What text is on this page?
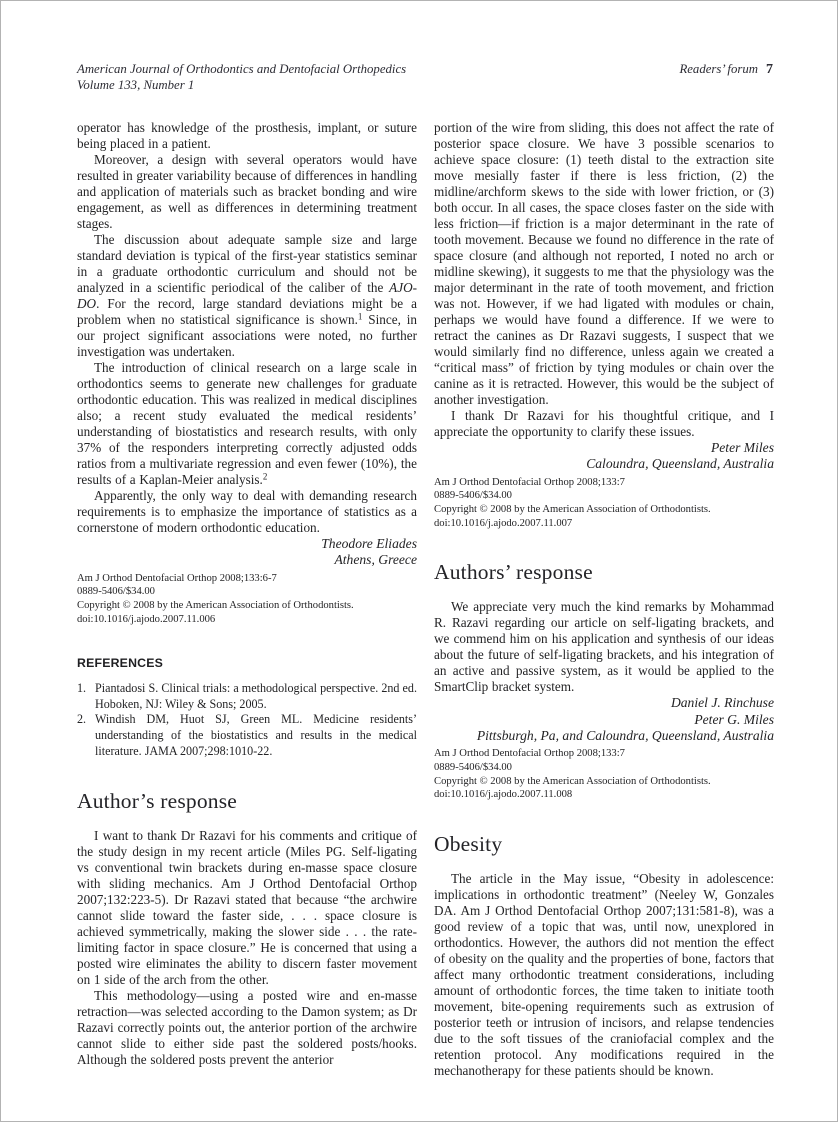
American Journal of Orthodontics and Dentofacial Orthopedics
Volume 133, Number 1
Readers’ forum 7

operator has knowledge of the prosthesis, implant, or suture being placed in a patient.

Moreover, a design with several operators would have resulted in greater variability because of differences in handling and application of materials such as bracket bonding and wire engagement, as well as differences in determining treatment stages.

The discussion about adequate sample size and large standard deviation is typical of the first-year statistics seminar in a graduate orthodontic curriculum and should not be analyzed in a scientific periodical of the caliber of the AJO-DO. For the record, large standard deviations might be a problem when no statistical significance is shown.$^1$ Since, in our project significant associations were noted, no further investigation was undertaken.

The introduction of clinical research on a large scale in orthodontics seems to generate new challenges for graduate orthodontic education. This was realized in medical disciplines also; a recent study evaluated the medical residents’ understanding of biostatistics and research results, with only 37% of the responders interpreting correctly adjusted odds ratios from a multivariate regression and even fewer (10%), the results of a Kaplan-Meier analysis.$^2$

Apparently, the only way to deal with demanding research requirements is to emphasize the importance of statistics as a cornerstone of modern orthodontic education.

Theodore Eliades
Athens, Greece
Am J Orthod Dentofacial Orthop 2008;133:6-7
0889-5406/$34.00
Copyright © 2008 by the American Association of Orthodontists.
doi:10.1016/j.ajodo.2007.11.006
REFERENCES
1. Piantadosi S. Clinical trials: a methodological perspective. 2nd ed. Hoboken, NJ: Wiley & Sons; 2005.
2. Windish DM, Huot SJ, Green ML. Medicine residents’ understanding of the biostatistics and results in the medical literature. JAMA 2007;298:1010-22.
Author’s response

I want to thank Dr Razavi for his comments and critique of the study design in my recent article (Miles PG. Self-ligating vs conventional twin brackets during en-masse space closure with sliding mechanics. Am J Orthod Dentofacial Orthop 2007;132:223-5). Dr Razavi stated that because “the archwire cannot slide toward the faster side, . . . space closure is achieved symmetrically, making the slower side . . . the rate-limiting factor in space closure.” He is concerned that using a posted wire eliminates the ability to discern faster movement on 1 side of the arch from the other.

This methodology—using a posted wire and en-masse retraction—was selected according to the Damon system; as Dr Razavi correctly points out, the anterior portion of the archwire cannot slide to either side past the soldered posts/hooks. Although the soldered posts prevent the anterior

portion of the wire from sliding, this does not affect the rate of posterior space closure. We have 3 possible scenarios to achieve space closure: (1) teeth distal to the extraction site move mesially faster if there is less friction, (2) the midline/archform skews to the side with lower friction, or (3) both occur. In all cases, the space closes faster on the side with less friction—if friction is a major determinant in the rate of tooth movement. Because we found no difference in the rate of space closure (and although not reported, I noted no arch or midline skewing), it suggests to me that the physiology was the major determinant in the rate of tooth movement, and friction was not. However, if we had ligated with modules or chain, perhaps we would have found a difference. If we were to retract the canines as Dr Razavi suggests, I suspect that we would similarly find no difference, unless again we created a “critical mass” of friction by tying modules or chain over the canine as it is retracted. However, this would be the subject of another investigation.

I thank Dr Razavi for his thoughtful critique, and I appreciate the opportunity to clarify these issues.

Peter Miles
Caloundra, Queensland, Australia
Am J Orthod Dentofacial Orthop 2008;133:7
0889-5406/$34.00
Copyright © 2008 by the American Association of Orthodontists.
doi:10.1016/j.ajodo.2007.11.007
Authors’ response

We appreciate very much the kind remarks by Mohammad R. Razavi regarding our article on self-ligating brackets, and we commend him on his application and synthesis of our ideas about the future of self-ligating brackets, and his integration of an active and passive system, as it would be applied to the SmartClip bracket system.

Daniel J. Rinchuse
Peter G. Miles
Pittsburgh, Pa, and Caloundra, Queensland, Australia
Am J Orthod Dentofacial Orthop 2008;133:7
0889-5406/$34.00
Copyright © 2008 by the American Association of Orthodontists.
doi:10.1016/j.ajodo.2007.11.008
Obesity

The article in the May issue, “Obesity in adolescence: implications in orthodontic treatment” (Neeley W, Gonzales DA. Am J Orthod Dentofacial Orthop 2007;131:581-8), was a good review of a topic that was, until now, unexplored in orthodontics. However, the authors did not mention the effect of obesity on the quality and the properties of bone, factors that affect many orthodontic treatment considerations, including amount of orthodontic forces, the time taken to initiate tooth movement, bite-opening requirements such as extrusion of posterior teeth or intrusion of incisors, and relapse tendencies due to the soft tissues of the craniofacial complex and the retention protocol. Any modifications required in the mechanotherapy for these patients should be known.
